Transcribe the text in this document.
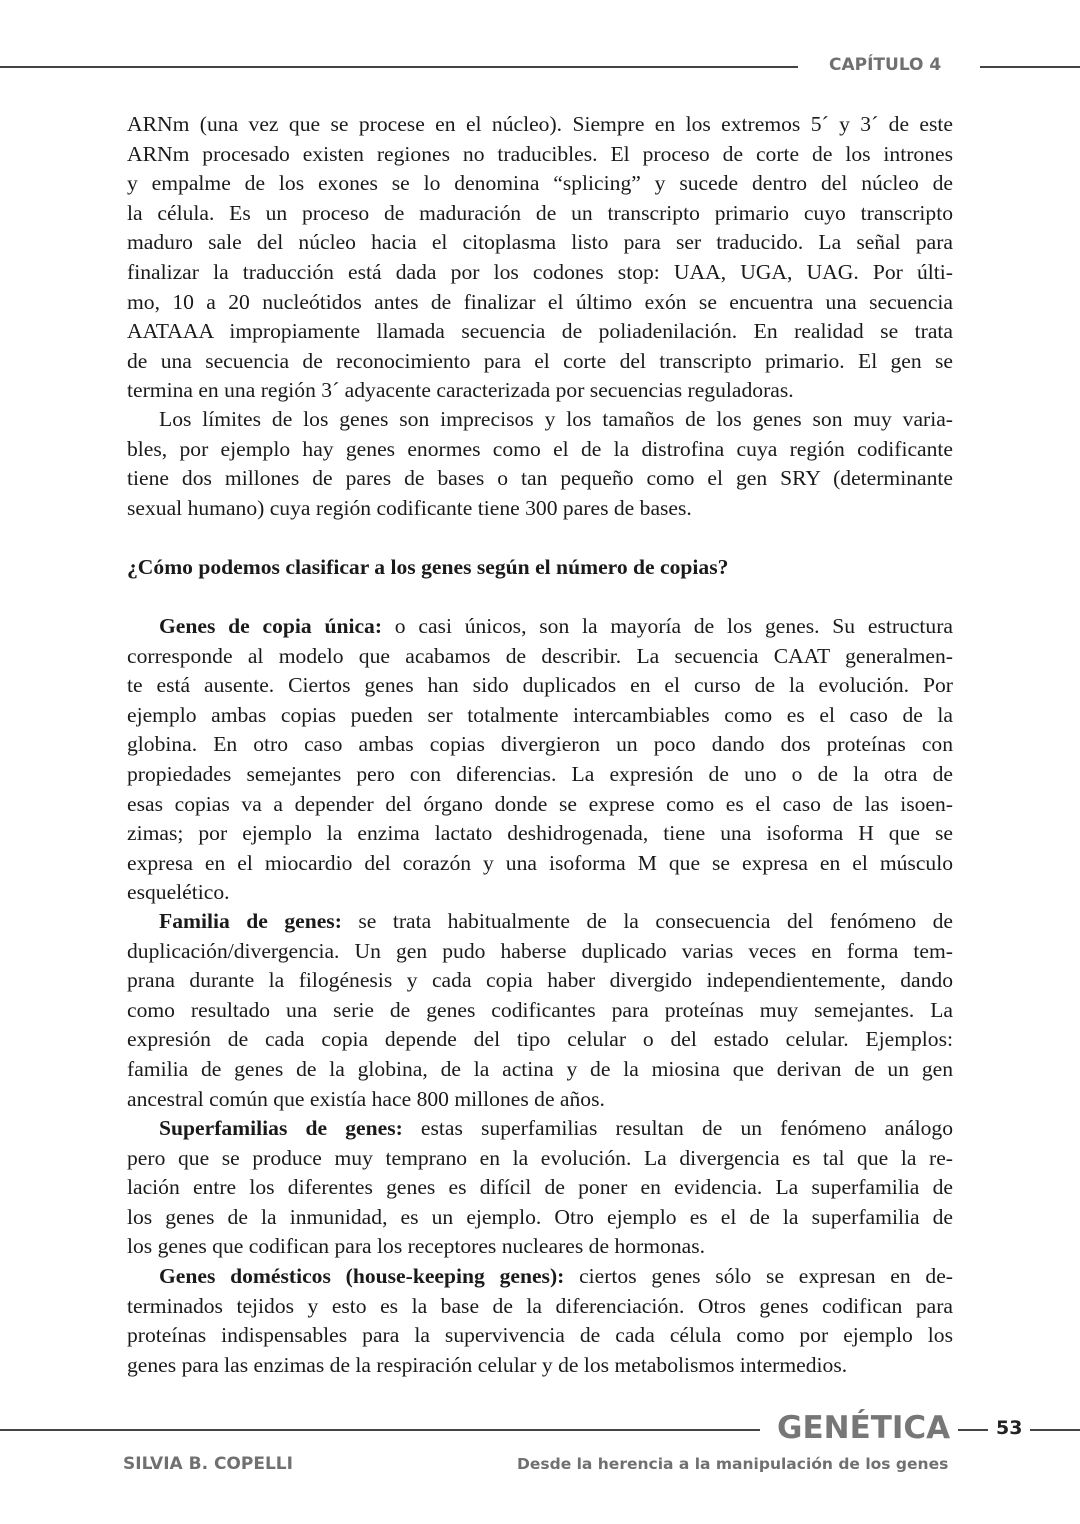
CAPÍTULO 4
¿Cómo podemos clasificar a los genes según el número de copias?
ARNm (una vez que se procese en el núcleo). Siempre en los extremos 5´ y 3´ de este
ARNm procesado existen regiones no traducibles. El proceso de corte de los intrones
y empalme de los exones se lo denomina “splicing” y sucede dentro del núcleo de
la célula. Es un proceso de maduración de un transcripto primario cuyo transcripto
maduro sale del núcleo hacia el citoplasma listo para ser traducido. La señal para
finalizar la traducción está dada por los codones stop: UAA, UGA, UAG. Por últi-
mo, 10 a 20 nucleótidos antes de finalizar el último exón se encuentra una secuencia
AATAAA impropiamente llamada secuencia de poliadenilación. En realidad se trata
de una secuencia de reconocimiento para el corte del transcripto primario. El gen se
termina en una región 3´ adyacente caracterizada por secuencias reguladoras.
Los límites de los genes son imprecisos y los tamaños de los genes son muy varia-
bles, por ejemplo hay genes enormes como el de la distrofina cuya región codificante
tiene dos millones de pares de bases o tan pequeño como el gen SRY (determinante
sexual humano) cuya región codificante tiene 300 pares de bases.
Genes de copia única: o casi únicos, son la mayoría de los genes. Su estructura
corresponde al modelo que acabamos de describir. La secuencia CAAT generalmen-
te está ausente. Ciertos genes han sido duplicados en el curso de la evolución. Por
ejemplo ambas copias pueden ser totalmente intercambiables como es el caso de la
globina. En otro caso ambas copias divergieron un poco dando dos proteínas con
propiedades semejantes pero con diferencias. La expresión de uno o de la otra de
esas copias va a depender del órgano donde se exprese como es el caso de las isoen-
zimas; por ejemplo la enzima lactato deshidrogenada, tiene una isoforma H que se
expresa en el miocardio del corazón y una isoforma M que se expresa en el músculo
esquelético.
Familia de genes: se trata habitualmente de la consecuencia del fenómeno de
duplicación/divergencia. Un gen pudo haberse duplicado varias veces en forma tem-
prana durante la filogénesis y cada copia haber divergido independientemente, dando
como resultado una serie de genes codificantes para proteínas muy semejantes. La
expresión de cada copia depende del tipo celular o del estado celular. Ejemplos:
familia de genes de la globina, de la actina y de la miosina que derivan de un gen
ancestral común que existía hace 800 millones de años.
Superfamilias de genes: estas superfamilias resultan de un fenómeno análogo
pero que se produce muy temprano en la evolución. La divergencia es tal que la re-
lación entre los diferentes genes es difícil de poner en evidencia. La superfamilia de
los genes de la inmunidad, es un ejemplo. Otro ejemplo es el de la superfamilia de
los genes que codifican para los receptores nucleares de hormonas.
Genes domésticos (house-keeping genes): ciertos genes sólo se expresan en de-
terminados tejidos y esto es la base de la diferenciación. Otros genes codifican para
proteínas indispensables para la supervivencia de cada célula como por ejemplo los
genes para las enzimas de la respiración celular y de los metabolismos intermedios.
GENÉTICA 53
SILVIA B. COPELLI	Desde la herencia a la manipulación de los genes
